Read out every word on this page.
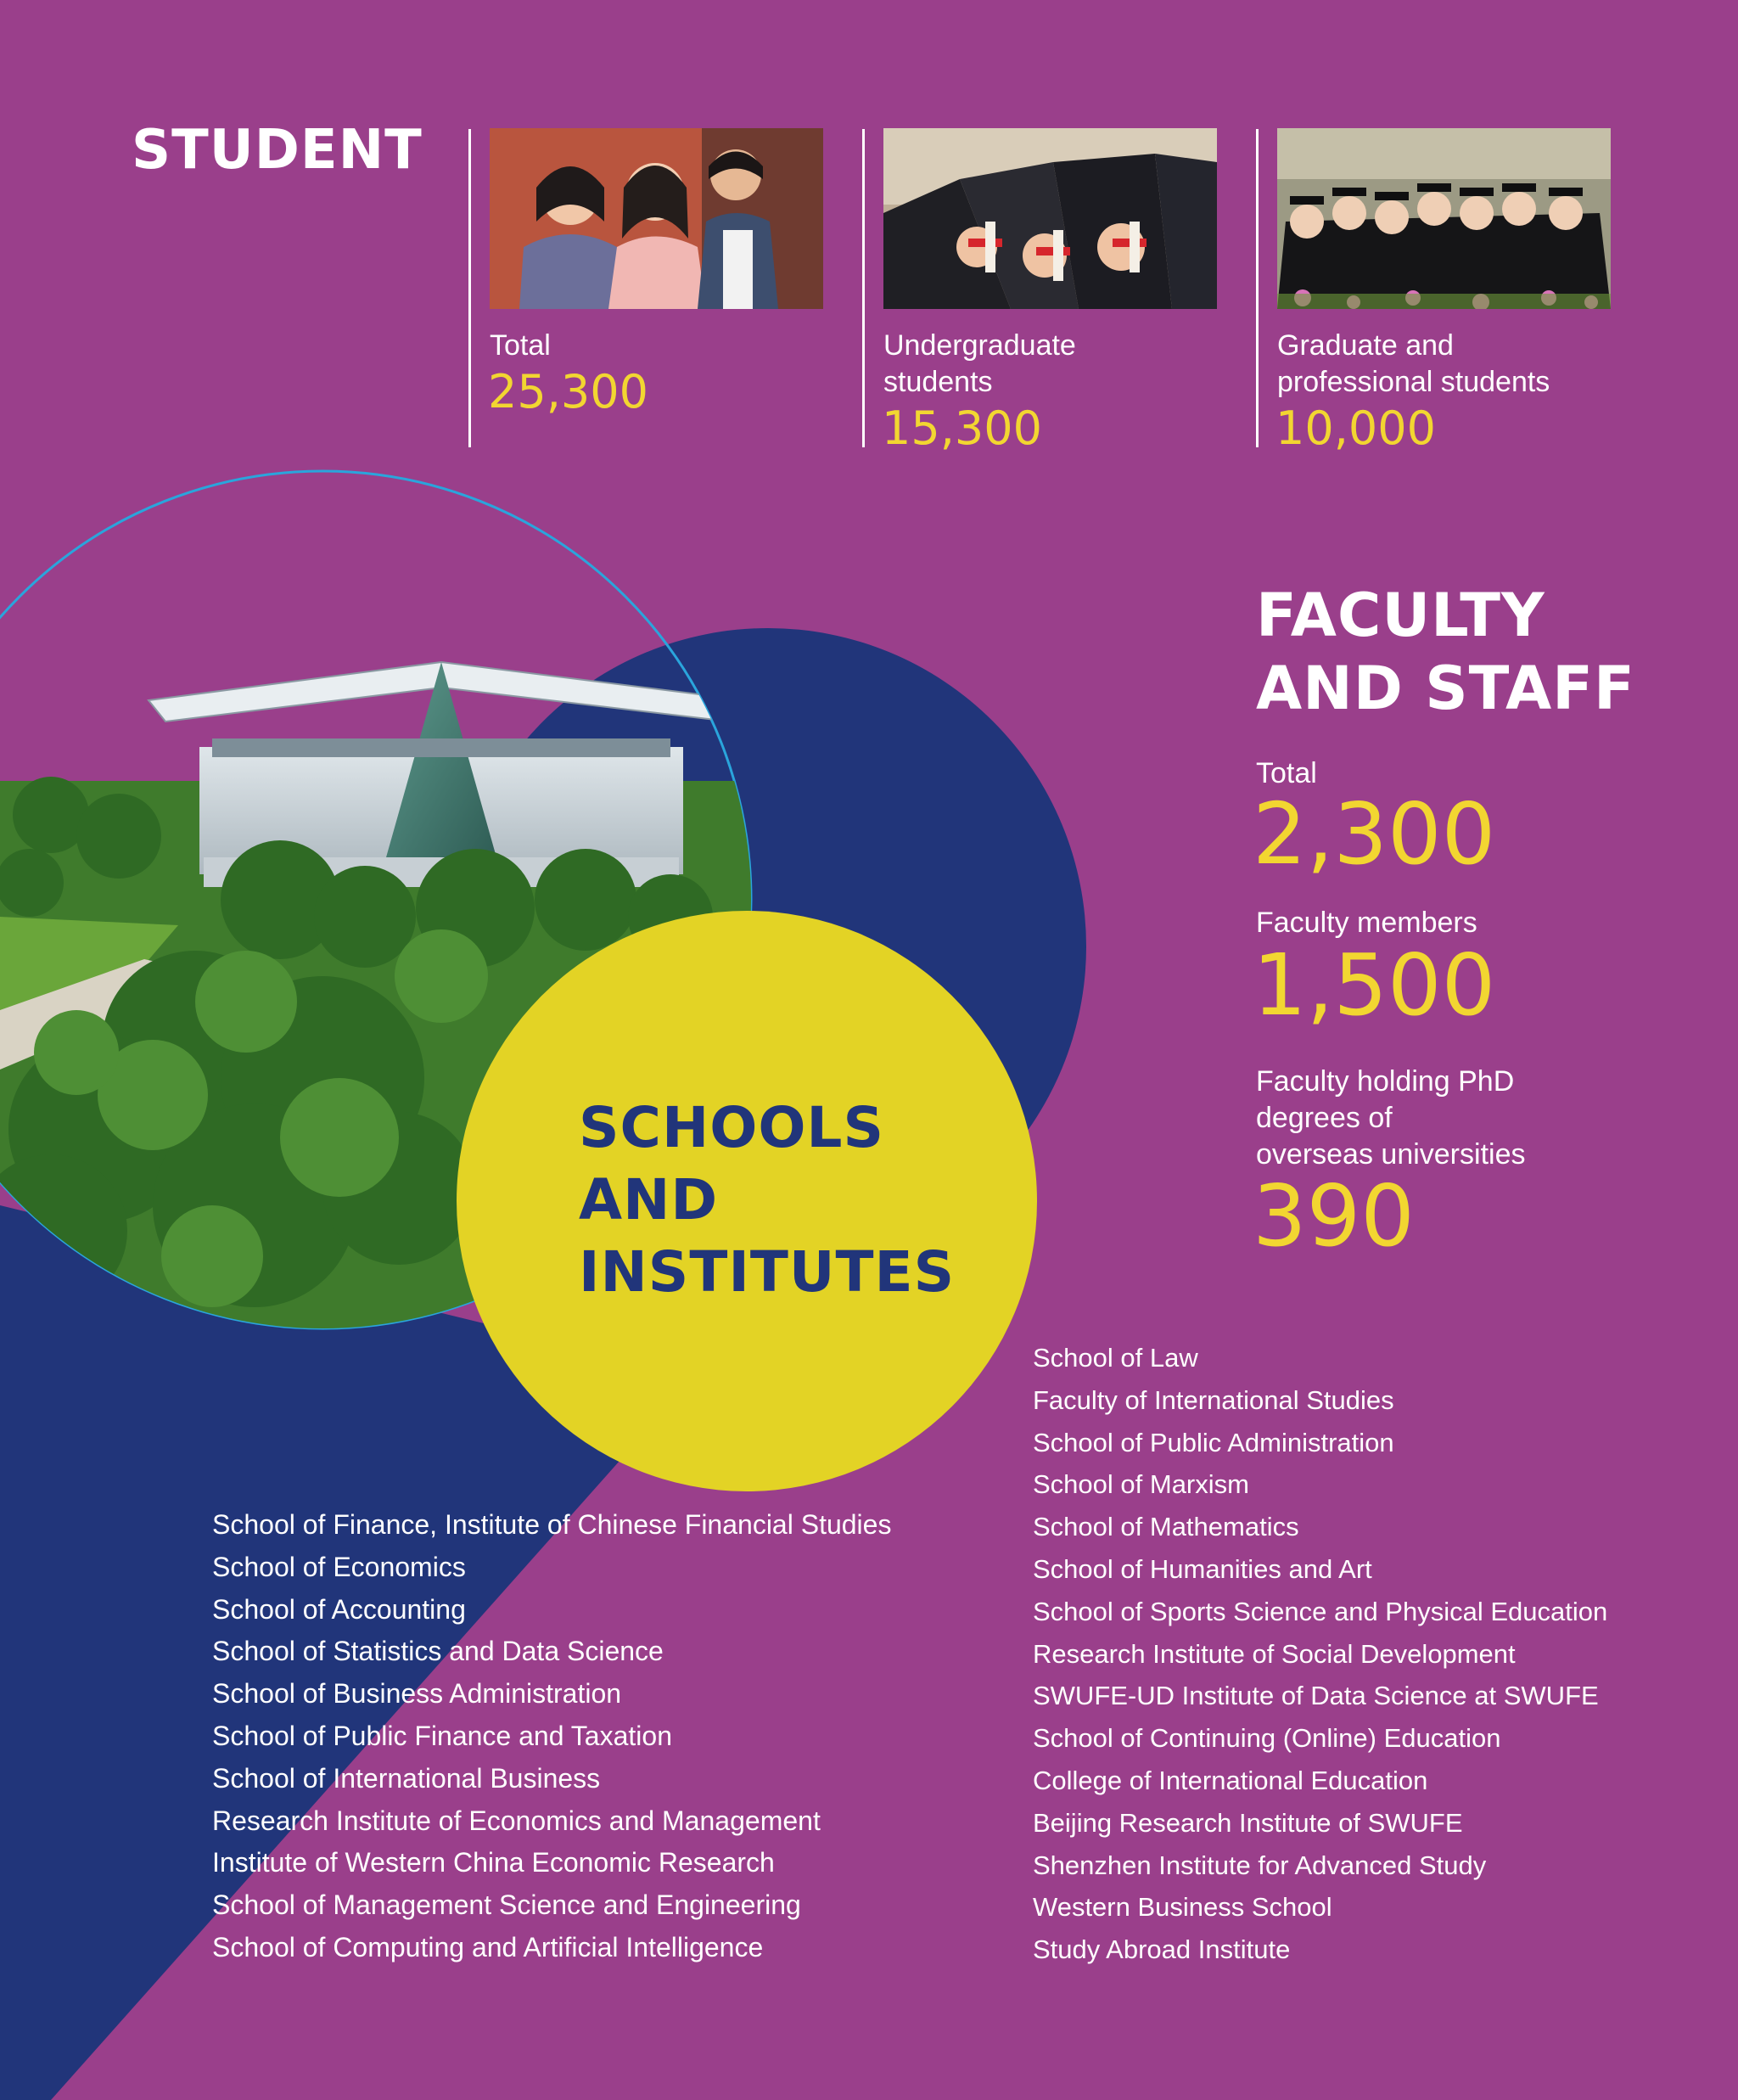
STUDENT
Total
25,300
Undergraduate students
15,300
Graduate and professional students
10,000
FACULTY
AND STAFF
Total
2,300
Faculty members
1,500
Faculty holding PhD
degrees of
overseas universities
390
SCHOOLS
AND
INSTITUTES
School of Finance, Institute of Chinese Financial Studies
School of Economics
School of Accounting
School of Statistics and Data Science
School of Business Administration
School of Public Finance and Taxation
School of International Business
Research Institute of Economics and Management
Institute of Western China Economic Research
School of Management Science and Engineering
School of Computing and Artificial Intelligence
School of Law
Faculty of International Studies
School of Public Administration
School of Marxism
School of Mathematics
School of Humanities and Art
School of Sports Science and Physical Education
Research Institute of Social Development
SWUFE-UD Institute of Data Science at SWUFE
School of Continuing (Online) Education
College of International Education
Beijing Research Institute of SWUFE
Shenzhen Institute for Advanced Study
Western Business School
Study Abroad Institute
